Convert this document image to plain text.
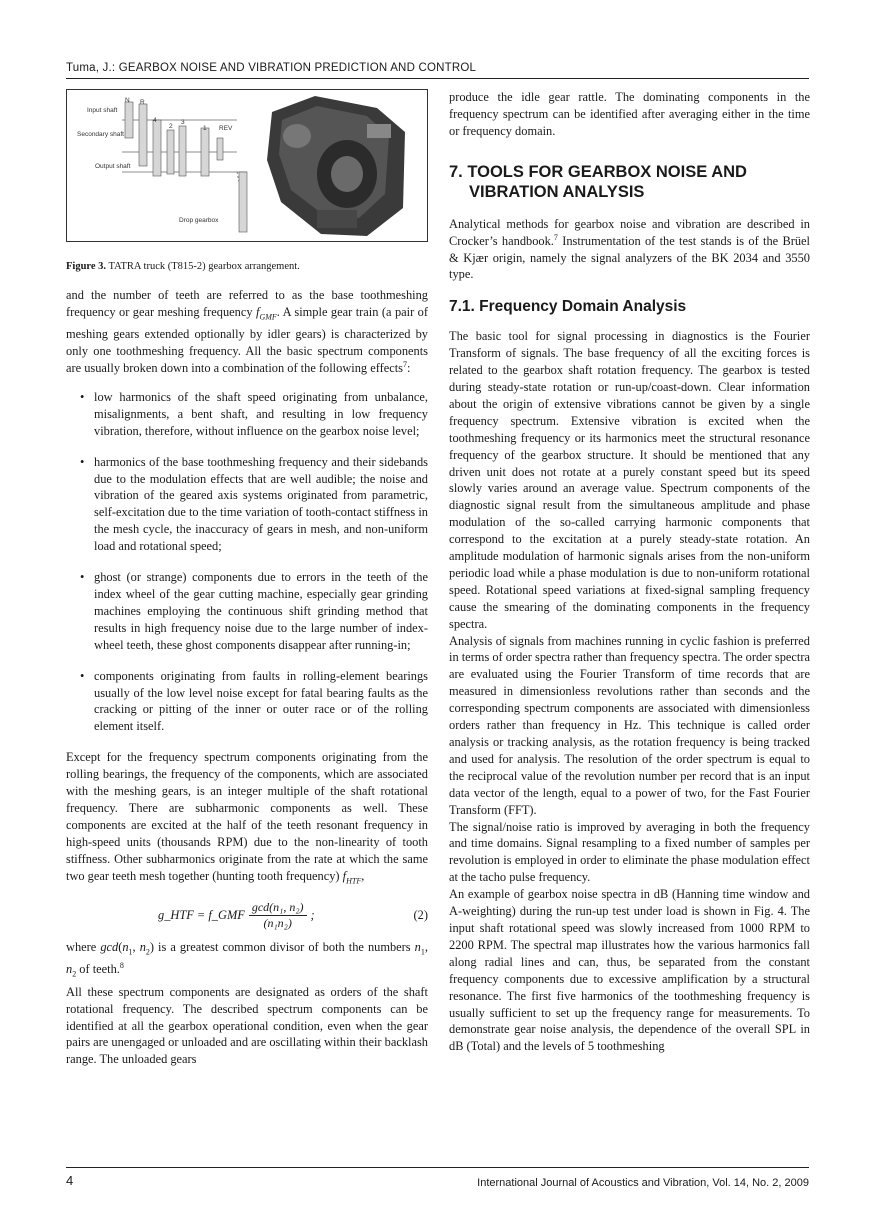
Tuma, J.: GEARBOX NOISE AND VIBRATION PREDICTION AND CONTROL
Input shaft
Secondary shaft
Output shaft
Drop gearbox
N R
4
2
3
1 REV

Figure 3. TATRA truck (T815-2) gearbox arrangement.

and the number of teeth are referred to as the base toothmeshing frequency or gear meshing frequency $f_{GMF}$. A simple gear train (a pair of meshing gears extended optionally by idler gears) is characterized by only one toothmeshing frequency. All the basic spectrum components are usually broken down into a combination of the following effects$^7$:

• low harmonics of the shaft speed originating from unbalance, misalignments, a bent shaft, and resulting in low frequency vibration, therefore, without influence on the gearbox noise level;
• harmonics of the base toothmeshing frequency and their sidebands due to the modulation effects that are well audible; the noise and vibration of the geared axis systems originated from parametric, self-excitation due to the time variation of tooth-contact stiffness in the mesh cycle, the inaccuracy of gears in mesh, and non-uniform load and rotational speed;
• ghost (or strange) components due to errors in the teeth of the index wheel of the gear cutting machine, especially gear grinding machines employing the continuous shift grinding method that results in high frequency noise due to the large number of index-wheel teeth, these ghost components disappear after running-in;
• components originating from faults in rolling-element bearings usually of the low level noise except for fatal bearing faults as the cracking or pitting of the inner or outer race or of the rolling element itself.

Except for the frequency spectrum components originating from the rolling bearings, the frequency of the components, which are associated with the meshing gears, is an integer multiple of the shaft rotational frequency. There are subharmonic components as well. These components are excited at the half of the teeth resonant frequency in high-speed units (thousands RPM) due to the non-linearity of tooth stiffness. Other subharmonics originate from the rate at which the same two gear teeth mesh together (hunting tooth frequency) $f_{HTF}$,

g_HTF = f_GMF $\frac{\text{gcd(n₁, n₂)}}{\text{(n₁n₂)}}$ ;	(2)

where $\gcd(n_1$, $n_2$) is a greatest common divisor of both the numbers $n_1$, $n_2$ of teeth.$^8$

All these spectrum components are designated as orders of the shaft rotational frequency. The described spectrum components can be identified at all the gearbox operational condition, even when the gear pairs are unengaged or unloaded and are oscillating within their backlash range. The unloaded gears

produce the idle gear rattle. The dominating components in the frequency spectrum can be identified after averaging either in the time or frequency domain.

7. TOOLS FOR GEARBOX NOISE AND VIBRATION ANALYSIS

Analytical methods for gearbox noise and vibration are described in Crocker’s handbook.$^7$ Instrumentation of the test stands is of the Brüel & Kjær origin, namely the signal analyzers of the BK 2034 and 3550 type.

7.1. Frequency Domain Analysis

The basic tool for signal processing in diagnostics is the Fourier Transform of signals. The base frequency of all the exciting forces is related to the gearbox shaft rotation frequency. The gearbox is tested during steady-state rotation or run-up/coast-down. Clear information about the origin of extensive vibrations cannot be given by a single frequency spectrum. Extensive vibration is excited when the toothmeshing frequency or its harmonics meet the structural resonance frequency of the gearbox structure. It should be mentioned that any driven unit does not rotate at a purely constant speed but its speed slowly varies around an average value. Spectrum components of the diagnostic signal result from the simultaneous amplitude and phase modulation of the so-called carrying harmonic components that correspond to the excitation at a purely steady-state rotation. An amplitude modulation of harmonic signals arises from the non-uniform periodic load while a phase modulation is due to non-uniform rotational speed. Rotational speed variations at fixed-signal sampling frequency cause the smearing of the dominating components in the frequency spectra.

Analysis of signals from machines running in cyclic fashion is preferred in terms of order spectra rather than frequency spectra. The order spectra are evaluated using the Fourier Transform of time records that are measured in dimensionless revolutions rather than seconds and the corresponding spectrum components are associated with dimensionless orders rather than frequency in Hz. This technique is called order analysis or tracking analysis, as the rotation frequency is being tracked and used for analysis. The resolution of the order spectrum is equal to the reciprocal value of the revolution number per record that is an input data vector of the length, equal to a power of two, for the Fast Fourier Transform (FFT).

The signal/noise ratio is improved by averaging in both the frequency and time domains. Signal resampling to a fixed number of samples per revolution is employed in order to eliminate the phase modulation effect at the tacho pulse frequency.

An example of gearbox noise spectra in dB (Hanning time window and A-weighting) during the run-up test under load is shown in Fig. 4. The input shaft rotational speed was slowly increased from 1000 RPM to 2200 RPM. The spectral map illustrates how the various harmonics fall along radial lines and can, thus, be separated from the constant frequency components due to excessive amplification by a structural resonance. The first five harmonics of the toothmeshing frequency is usually sufficient to set up the frequency range for measurements. To demonstrate gear noise analysis, the dependence of the overall SPL in dB (Total) and the levels of 5 toothmeshing

4	International Journal of Acoustics and Vibration, Vol. 14, No. 2, 2009
